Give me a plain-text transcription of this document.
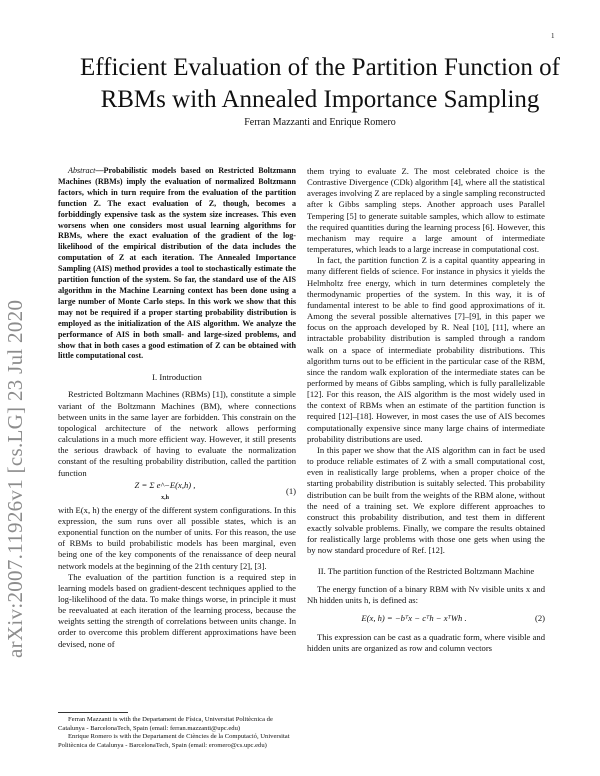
1
arXiv:2007.11926v1 [cs.LG] 23 Jul 2020
Efficient Evaluation of the Partition Function of
RBMs with Annealed Importance Sampling
Ferran Mazzanti and Enrique Romero

Abstract—Probabilistic models based on Restricted Boltzmann Machines (RBMs) imply the evaluation of normalized Boltzmann factors, which in turn require from the evaluation of the partition function Z. The exact evaluation of Z, though, becomes a forbiddingly expensive task as the system size increases. This even worsens when one considers most usual learning algorithms for RBMs, where the exact evaluation of the gradient of the log-likelihood of the empirical distribution of the data includes the computation of Z at each iteration. The Annealed Importance Sampling (AIS) method provides a tool to stochastically estimate the partition function of the system. So far, the standard use of the AIS algorithm in the Machine Learning context has been done using a large number of Monte Carlo steps. In this work we show that this may not be required if a proper starting probability distribution is employed as the initialization of the AIS algorithm. We analyze the performance of AIS in both small- and large-sized problems, and show that in both cases a good estimation of Z can be obtained with little computational cost.

I. Introduction

Restricted Boltzmann Machines (RBMs) [1]), constitute a simple variant of the Boltzmann Machines (BM), where connections between units in the same layer are forbidden. This constrain on the topological architecture of the network allows performing calculations in a much more efficient way. However, it still presents the serious drawback of having to evaluate the normalization constant of the resulting probability distribution, called the partition function

Z = Σ e^−E(x,h) ,
x,h
(1)

with E(x, h) the energy of the different system configurations. In this expression, the sum runs over all possible states, which is an exponential function on the number of units. For this reason, the use of RBMs to build probabilistic models has been marginal, even being one of the key components of the renaissance of deep neural network models at the beginning of the 21th century [2], [3].

The evaluation of the partition function is a required step in learning models based on gradient-descent techniques applied to the log-likelihood of the data. To make things worse, in principle it must be reevaluated at each iteration of the learning process, because the weights setting the strength of correlations between units change. In order to overcome this problem different approximations have been devised, none of

Ferran Mazzanti is with the Departament de Física, Universitat Politècnica de Catalunya - BarcelonaTech, Spain (email: ferran.mazzanti@upc.edu)

Enrique Romero is with the Departament de Ciències de la Computació, Universitat Politècnica de Catalunya - BarcelonaTech, Spain (email: eromero@cs.upc.edu)

them trying to evaluate Z. The most celebrated choice is the Contrastive Divergence (CDk) algorithm [4], where all the statistical averages involving Z are replaced by a single sampling reconstructed after k Gibbs sampling steps. Another approach uses Parallel Tempering [5] to generate suitable samples, which allow to estimate the required quantities during the learning process [6]. However, this mechanism may require a large amount of intermediate temperatures, which leads to a large increase in computational cost.

In fact, the partition function Z is a capital quantity appearing in many different fields of science. For instance in physics it yields the Helmholtz free energy, which in turn determines completely the thermodynamic properties of the system. In this way, it is of fundamental interest to be able to find good approximations of it. Among the several possible alternatives [7]–[9], in this paper we focus on the approach developed by R. Neal [10], [11], where an intractable probability distribution is sampled through a random walk on a space of intermediate probability distributions. This algorithm turns out to be efficient in the particular case of the RBM, since the random walk exploration of the intermediate states can be performed by means of Gibbs sampling, which is fully parallelizable [12]. For this reason, the AIS algorithm is the most widely used in the context of RBMs when an estimate of the partition function is required [12]–[18]. However, in most cases the use of AIS becomes computationally expensive since many large chains of intermediate probability distributions are used.

In this paper we show that the AIS algorithm can in fact be used to produce reliable estimates of Z with a small computational cost, even in realistically large problems, when a proper choice of the starting probability distribution is suitably selected. This probability distribution can be built from the weights of the RBM alone, without the need of a training set. We explore different approaches to construct this probability distribution, and test them in different exactly solvable problems. Finally, we compare the results obtained for realistically large problems with those one gets when using the by now standard procedure of Ref. [12].

II. The partition function of the Restricted Boltzmann Machine

The energy function of a binary RBM with Nv visible units x and Nh hidden units h, is defined as:

E(x, h) = −bᵀx − cᵀh − xᵀWh .	(2)

This expression can be cast as a quadratic form, where visible and hidden units are organized as row and column vectors
